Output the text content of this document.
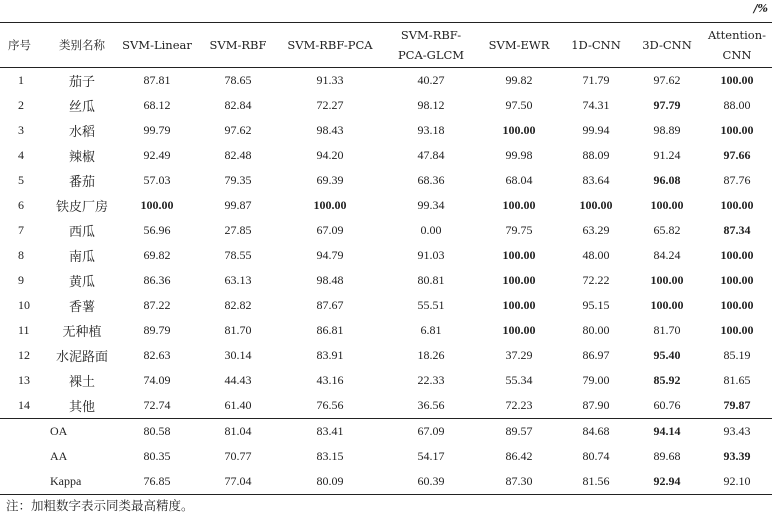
/%
序号	类别名称	SVM-Linear	SVM-RBF	SVM-RBF-PCA	SVM-RBF-
PCA-GLCM	SVM-EWR	1D-CNN	3D-CNN	Attention-CNN
1	茄子	87.81	78.65	91.33	40.27	99.82	71.79	97.62	100.00
2	丝瓜	68.12	82.84	72.27	98.12	97.50	74.31	97.79	88.00
3	水稻	99.79	97.62	98.43	93.18	100.00	99.94	98.89	100.00
4	辣椒	92.49	82.48	94.20	47.84	99.98	88.09	91.24	97.66
5	番茄	57.03	79.35	69.39	68.36	68.04	83.64	96.08	87.76
6	铁皮厂房	100.00	99.87	100.00	99.34	100.00	100.00	100.00	100.00
7	西瓜	56.96	27.85	67.09	0.00	79.75	63.29	65.82	87.34
8	南瓜	69.82	78.55	94.79	91.03	100.00	48.00	84.24	100.00
9	黄瓜	86.36	63.13	98.48	80.81	100.00	72.22	100.00	100.00
10	香薯	87.22	82.82	87.67	55.51	100.00	95.15	100.00	100.00
11	无种植	89.79	81.70	86.81	6.81	100.00	80.00	81.70	100.00
12	水泥路面	82.63	30.14	83.91	18.26	37.29	86.97	95.40	85.19
13	裸土	74.09	44.43	43.16	22.33	55.34	79.00	85.92	81.65
14	其他	72.74	61.40	76.56	36.56	72.23	87.90	60.76	79.87
OA		80.58	81.04	83.41	67.09	89.57	84.68	94.14	93.43
AA		80.35	70.77	83.15	54.17	86.42	80.74	89.68	93.39
Kappa		76.85	77.04	80.09	60.39	87.30	81.56	92.94	92.10
注：加粗数字表示同类最高精度。
